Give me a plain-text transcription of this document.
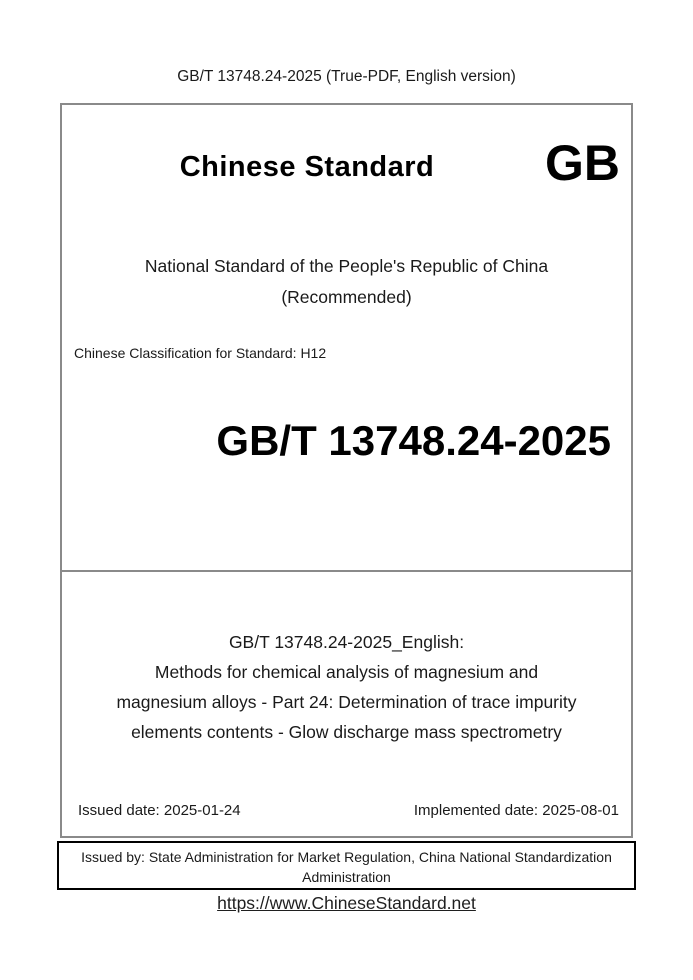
GB/T 13748.24-2025 (True-PDF, English version)
Chinese Standard	GB
National Standard of the People's Republic of China
(Recommended)
Chinese Classification for Standard: H12
GB/T 13748.24-2025
GB/T 13748.24-2025_English:
Methods for chemical analysis of magnesium and
magnesium alloys - Part 24: Determination of trace impurity
elements contents - Glow discharge mass spectrometry
Issued date: 2025-01-24	Implemented date: 2025-08-01
Issued by: State Administration for Market Regulation, China National Standardization
Administration
https://www.ChineseStandard.net
